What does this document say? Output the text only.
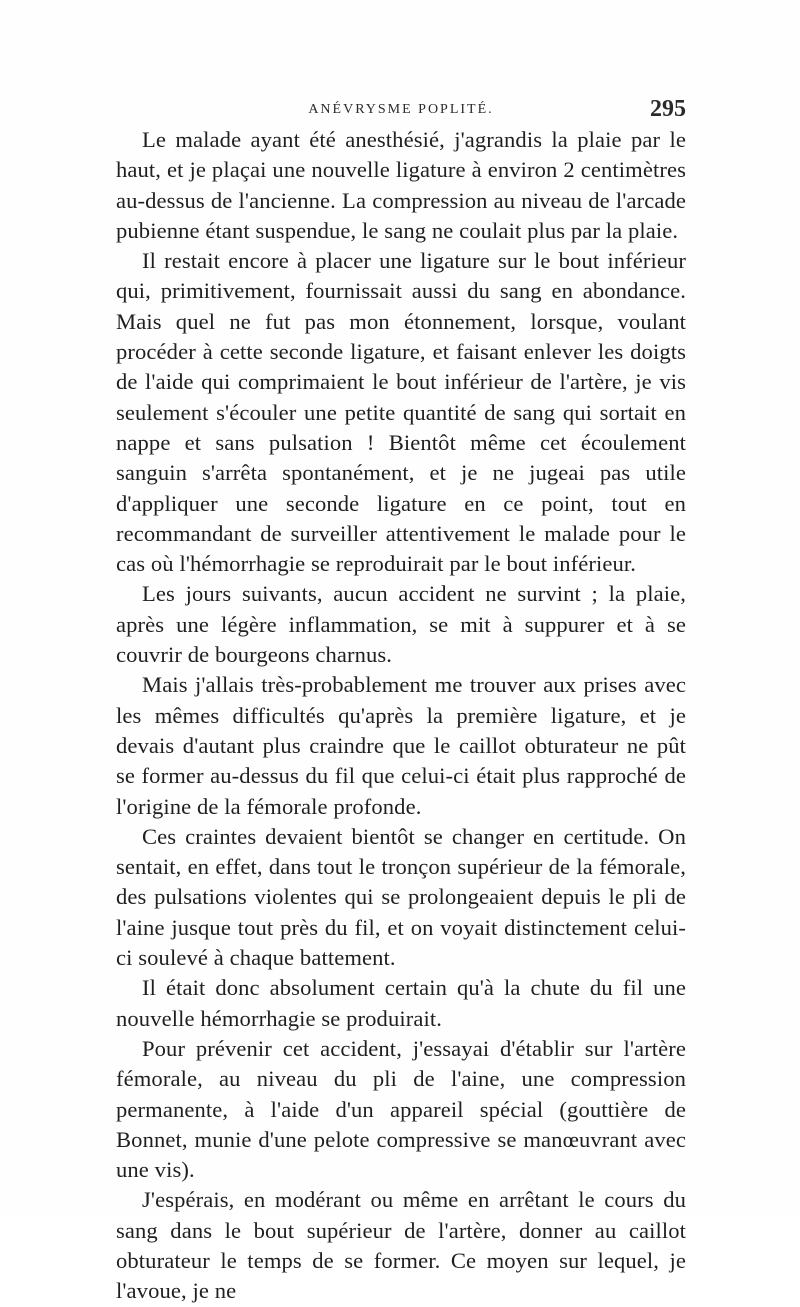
ANÉVRYSME POPLITÉ.	295

Le malade ayant été anesthésié, j'agrandis la plaie par le haut, et je plaçai une nouvelle ligature à environ 2 centimètres au-dessus de l'ancienne. La compression au niveau de l'arcade pubienne étant suspendue, le sang ne coulait plus par la plaie.

Il restait encore à placer une ligature sur le bout inférieur qui, primitivement, fournissait aussi du sang en abondance. Mais quel ne fut pas mon étonnement, lorsque, voulant procéder à cette seconde ligature, et faisant enlever les doigts de l'aide qui comprimaient le bout inférieur de l'artère, je vis seulement s'écouler une petite quantité de sang qui sortait en nappe et sans pulsation ! Bientôt même cet écoulement sanguin s'arrêta spontanément, et je ne jugeai pas utile d'appliquer une seconde ligature en ce point, tout en recommandant de surveiller attentivement le malade pour le cas où l'hémorrhagie se reproduirait par le bout inférieur.

Les jours suivants, aucun accident ne survint ; la plaie, après une légère inflammation, se mit à suppurer et à se couvrir de bourgeons charnus.

Mais j'allais très-probablement me trouver aux prises avec les mêmes difficultés qu'après la première ligature, et je devais d'autant plus craindre que le caillot obturateur ne pût se former au-dessus du fil que celui-ci était plus rapproché de l'origine de la fémorale profonde.

Ces craintes devaient bientôt se changer en certitude. On sentait, en effet, dans tout le tronçon supérieur de la fémorale, des pulsations violentes qui se prolongeaient depuis le pli de l'aine jusque tout près du fil, et on voyait distinctement celui-ci soulevé à chaque battement.

Il était donc absolument certain qu'à la chute du fil une nouvelle hémorrhagie se produirait.

Pour prévenir cet accident, j'essayai d'établir sur l'artère fémorale, au niveau du pli de l'aine, une compression permanente, à l'aide d'un appareil spécial (gouttière de Bonnet, munie d'une pelote compressive se manœuvrant avec une vis).

J'espérais, en modérant ou même en arrêtant le cours du sang dans le bout supérieur de l'artère, donner au caillot obturateur le temps de se former. Ce moyen sur lequel, je l'avoue, je ne
